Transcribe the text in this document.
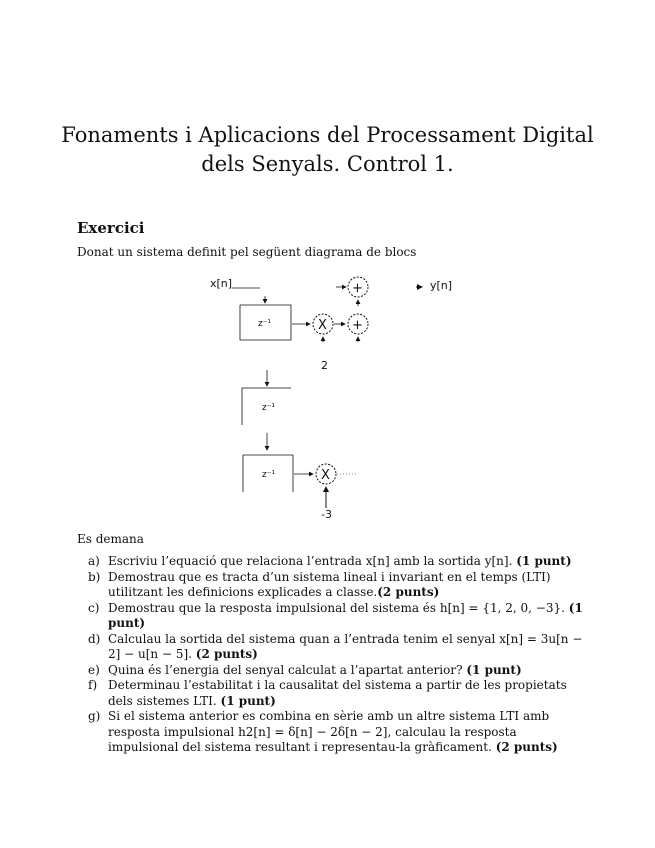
Fonaments i Aplicacions del Processament Digital dels Senyals. Control 1.
Exercici
Donat un sistema definit pel següent diagrama de blocs
x[n]	y[n]
+
z⁻¹	X
2
+
z⁻¹
z⁻¹	X
-3
Es demana
a) Escriviu l’equació que relaciona l’entrada x[n] amb la sortida y[n]. (1 punt)
b) Demostrau que es tracta d’un sistema lineal i invariant en el temps (LTI) utilitzant les definicions explicades a classe.(2 punts)
c) Demostrau que la resposta impulsional del sistema és h[n] = {1, 2, 0, −3}. (1 punt)
d) Calculau la sortida del sistema quan a l’entrada tenim el senyal x[n] = 3u[n − 2] − u[n − 5]. (2 punts)
e) Quina és l’energia del senyal calculat a l’apartat anterior? (1 punt)
f) Determinau l’estabilitat i la causalitat del sistema a partir de les propietats dels sistemes LTI. (1 punt)
g) Si el sistema anterior es combina en sèrie amb un altre sistema LTI amb resposta impulsional h2[n] = δ[n] − 2δ[n − 2], calculau la resposta impulsional del sistema resultant i representau-la gràficament. (2 punts)
